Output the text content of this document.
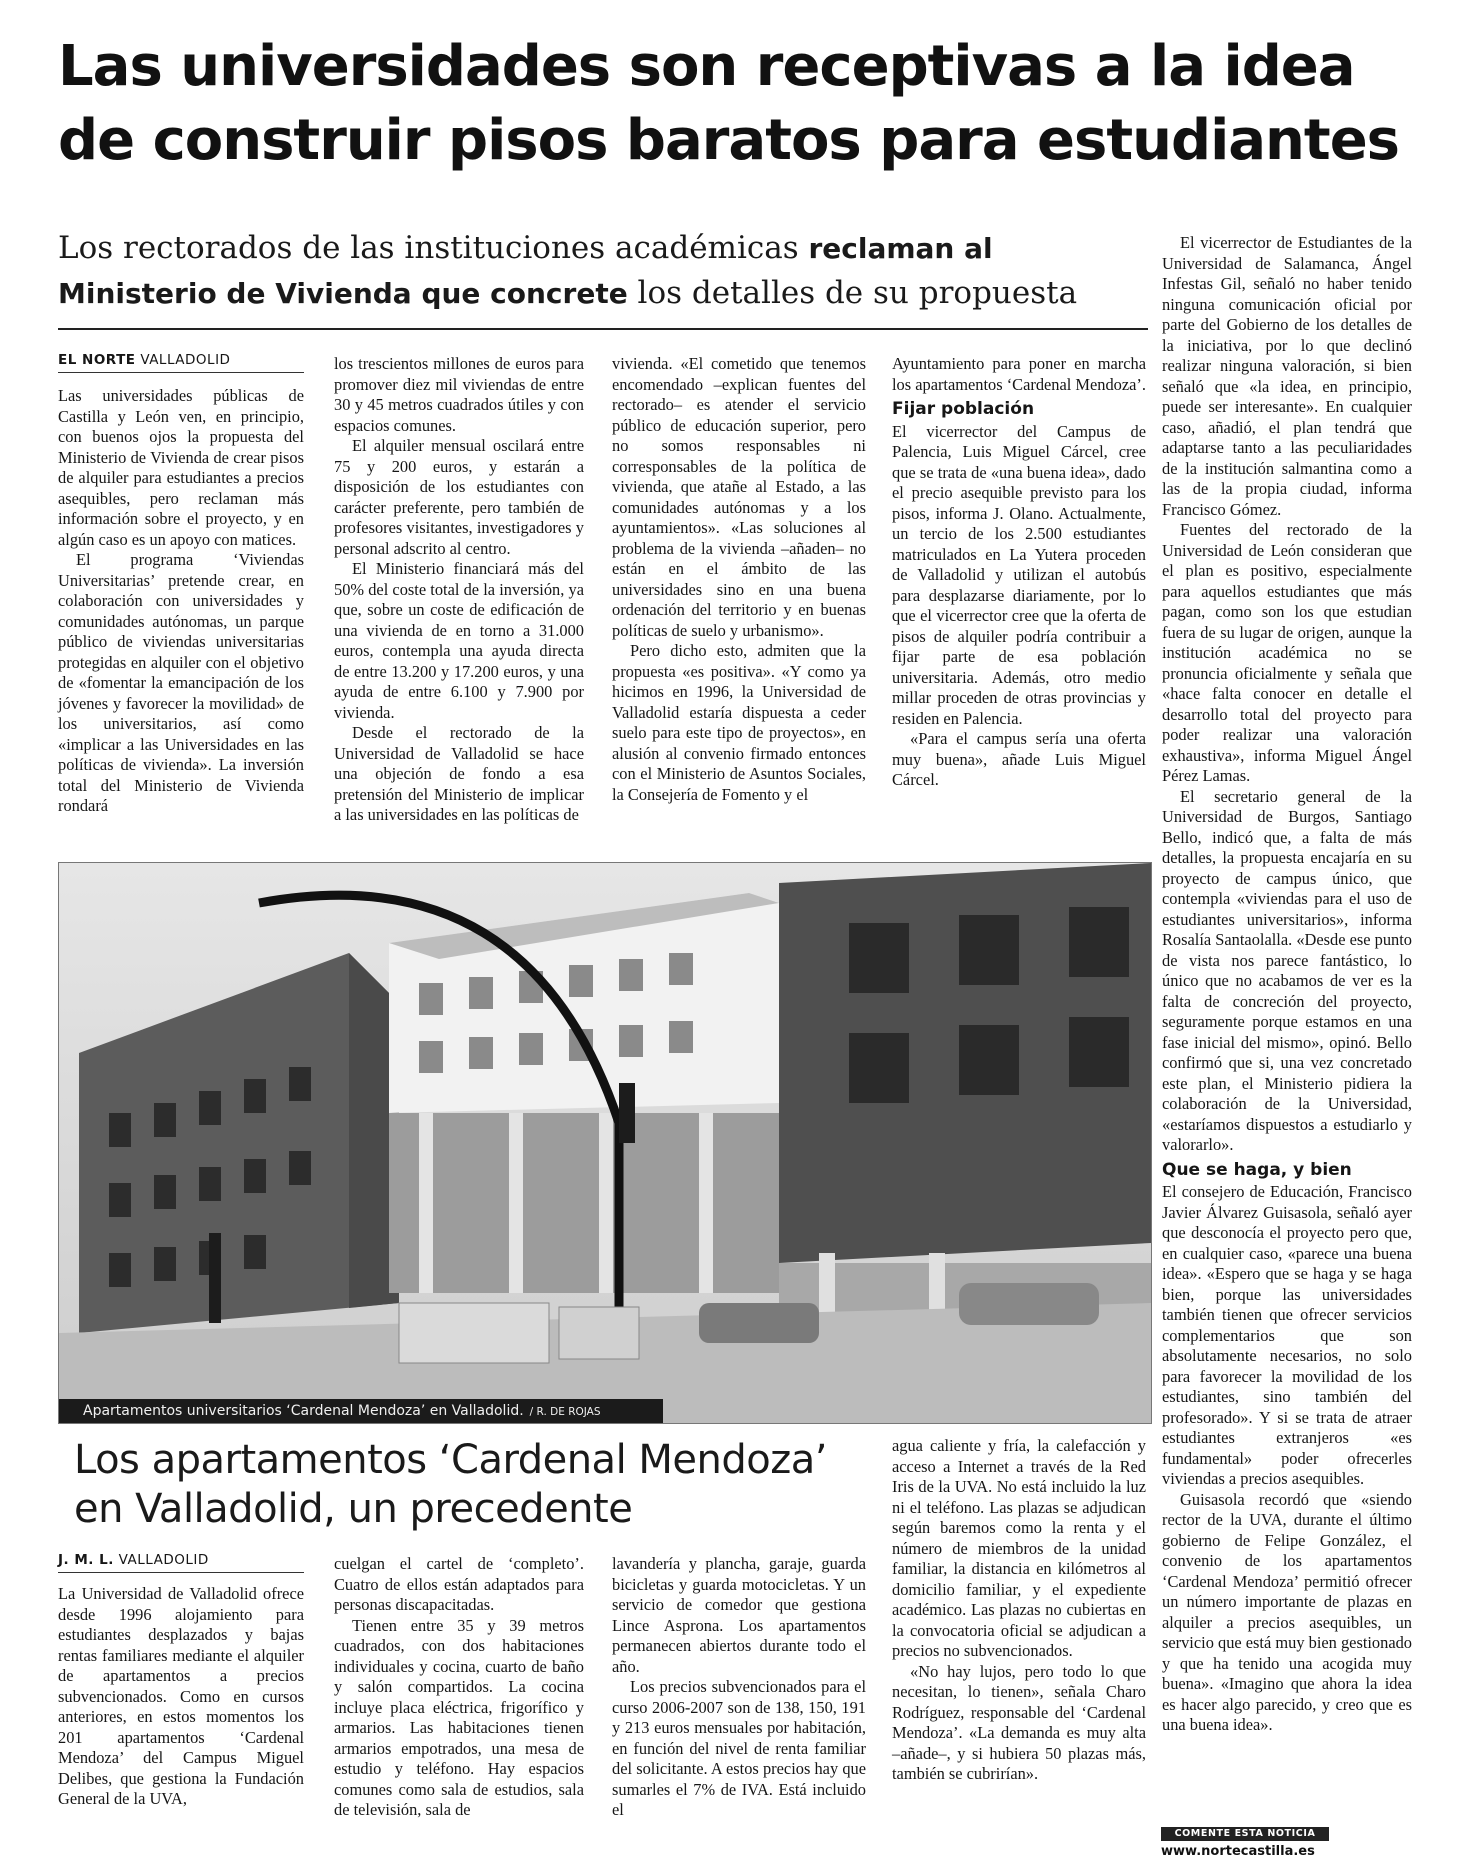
Las universidades son receptivas a la idea de construir pisos baratos para estudiantes
Los rectorados de las instituciones académicas reclaman al Ministerio de Vivienda que concrete los detalles de su propuesta
EL NORTE VALLADOLID

Las universidades públicas de Castilla y León ven, en principio, con buenos ojos la propuesta del Ministerio de Vivienda de crear pisos de alquiler para estudiantes a precios asequibles, pero reclaman más información sobre el proyecto, y en algún caso es un apoyo con matices.

El programa ‘Viviendas Universitarias’ pretende crear, en colaboración con universidades y comunidades autónomas, un parque público de viviendas universitarias protegidas en alquiler con el objetivo de «fomentar la emancipación de los jóvenes y favorecer la movilidad» de los universitarios, así como «implicar a las Universidades en las políticas de vivienda». La inversión total del Ministerio de Vivienda rondará

los trescientos millones de euros para promover diez mil viviendas de entre 30 y 45 metros cuadrados útiles y con espacios comunes.

El alquiler mensual oscilará entre 75 y 200 euros, y estarán a disposición de los estudiantes con carácter preferente, pero también de profesores visitantes, investigadores y personal adscrito al centro.

El Ministerio financiará más del 50% del coste total de la inversión, ya que, sobre un coste de edificación de una vivienda de en torno a 31.000 euros, contempla una ayuda directa de entre 13.200 y 17.200 euros, y una ayuda de entre 6.100 y 7.900 por vivienda.

Desde el rectorado de la Universidad de Valladolid se hace una objeción de fondo a esa pretensión del Ministerio de implicar a las universidades en las políticas de

vivienda. «El cometido que tenemos encomendado –explican fuentes del rectorado– es atender el servicio público de educación superior, pero no somos responsables ni corresponsables de la política de vivienda, que atañe al Estado, a las comunidades autónomas y a los ayuntamientos». «Las soluciones al problema de la vivienda –añaden– no están en el ámbito de las universidades sino en una buena ordenación del territorio y en buenas políticas de suelo y urbanismo».

Pero dicho esto, admiten que la propuesta «es positiva». «Y como ya hicimos en 1996, la Universidad de Valladolid estaría dispuesta a ceder suelo para este tipo de proyectos», en alusión al convenio firmado entonces con el Ministerio de Asuntos Sociales, la Consejería de Fomento y el

Ayuntamiento para poner en marcha los apartamentos ‘Cardenal Mendoza’.

Fijar población

El vicerrector del Campus de Palencia, Luis Miguel Cárcel, cree que se trata de «una buena idea», dado el precio asequible previsto para los pisos, informa J. Olano. Actualmente, un tercio de los 2.500 estudiantes matriculados en La Yutera proceden de Valladolid y utilizan el autobús para desplazarse diariamente, por lo que el vicerrector cree que la oferta de pisos de alquiler podría contribuir a fijar parte de esa población universitaria. Además, otro medio millar proceden de otras provincias y residen en Palencia.

«Para el campus sería una oferta muy buena», añade Luis Miguel Cárcel.

El vicerrector de Estudiantes de la Universidad de Salamanca, Ángel Infestas Gil, señaló no haber tenido ninguna comunicación oficial por parte del Gobierno de los detalles de la iniciativa, por lo que declinó realizar ninguna valoración, si bien señaló que «la idea, en principio, puede ser interesante». En cualquier caso, añadió, el plan tendrá que adaptarse tanto a las peculiaridades de la institución salmantina como a las de la propia ciudad, informa Francisco Gómez.

Fuentes del rectorado de la Universidad de León consideran que el plan es positivo, especialmente para aquellos estudiantes que más pagan, como son los que estudian fuera de su lugar de origen, aunque la institución académica no se pronuncia oficialmente y señala que «hace falta conocer en detalle el desarrollo total del proyecto para poder realizar una valoración exhaustiva», informa Miguel Ángel Pérez Lamas.

El secretario general de la Universidad de Burgos, Santiago Bello, indicó que, a falta de más detalles, la propuesta encajaría en su proyecto de campus único, que contempla «viviendas para el uso de estudiantes universitarios», informa Rosalía Santaolalla. «Desde ese punto de vista nos parece fantástico, lo único que no acabamos de ver es la falta de concreción del proyecto, seguramente porque estamos en una fase inicial del mismo», opinó. Bello confirmó que si, una vez concretado este plan, el Ministerio pidiera la colaboración de la Universidad, «estaríamos dispuestos a estudiarlo y valorarlo».

Que se haga, y bien

El consejero de Educación, Francisco Javier Álvarez Guisasola, señaló ayer que desconocía el proyecto pero que, en cualquier caso, «parece una buena idea». «Espero que se haga y se haga bien, porque las universidades también tienen que ofrecer servicios complementarios que son absolutamente necesarios, no solo para favorecer la movilidad de los estudiantes, sino también del profesorado». Y si se trata de atraer estudiantes extranjeros «es fundamental» poder ofrecerles viviendas a precios asequibles.

Guisasola recordó que «siendo rector de la UVA, durante el último gobierno de Felipe González, el convenio de los apartamentos ‘Cardenal Mendoza’ permitió ofrecer un número importante de plazas en alquiler a precios asequibles, un servicio que está muy bien gestionado y que ha tenido una acogida muy buena». «Imagino que ahora la idea es hacer algo parecido, y creo que es una buena idea».

Apartamentos universitarios ‘Cardenal Mendoza’ en Valladolid. / R. DE ROJAS
Los apartamentos ‘Cardenal Mendoza’ en Valladolid, un precedente
J. M. L. VALLADOLID

La Universidad de Valladolid ofrece desde 1996 alojamiento para estudiantes desplazados y bajas rentas familiares mediante el alquiler de apartamentos a precios subvencionados. Como en cursos anteriores, en estos momentos los 201 apartamentos ‘Cardenal Mendoza’ del Campus Miguel Delibes, que gestiona la Fundación General de la UVA,

cuelgan el cartel de ‘completo’. Cuatro de ellos están adaptados para personas discapacitadas.

Tienen entre 35 y 39 metros cuadrados, con dos habitaciones individuales y cocina, cuarto de baño y salón compartidos. La cocina incluye placa eléctrica, frigorífico y armarios. Las habitaciones tienen armarios empotrados, una mesa de estudio y teléfono. Hay espacios comunes como sala de estudios, sala de televisión, sala de

lavandería y plancha, garaje, guarda bicicletas y guarda motocicletas. Y un servicio de comedor que gestiona Lince Asprona. Los apartamentos permanecen abiertos durante todo el año.

Los precios subvencionados para el curso 2006-2007 son de 138, 150, 191 y 213 euros mensuales por habitación, en función del nivel de renta familiar del solicitante. A estos precios hay que sumarles el 7% de IVA. Está incluido el

agua caliente y fría, la calefacción y acceso a Internet a través de la Red Iris de la UVA. No está incluido la luz ni el teléfono. Las plazas se adjudican según baremos como la renta y el número de miembros de la unidad familiar, la distancia en kilómetros al domicilio familiar, y el expediente académico. Las plazas no cubiertas en la convocatoria oficial se adjudican a precios no subvencionados.

«No hay lujos, pero todo lo que necesitan, lo tienen», señala Charo Rodríguez, responsable del ‘Cardenal Mendoza’. «La demanda es muy alta –añade–, y si hubiera 50 plazas más, también se cubrirían».

COMENTE ESTA NOTICIA
www.nortecastilla.es
